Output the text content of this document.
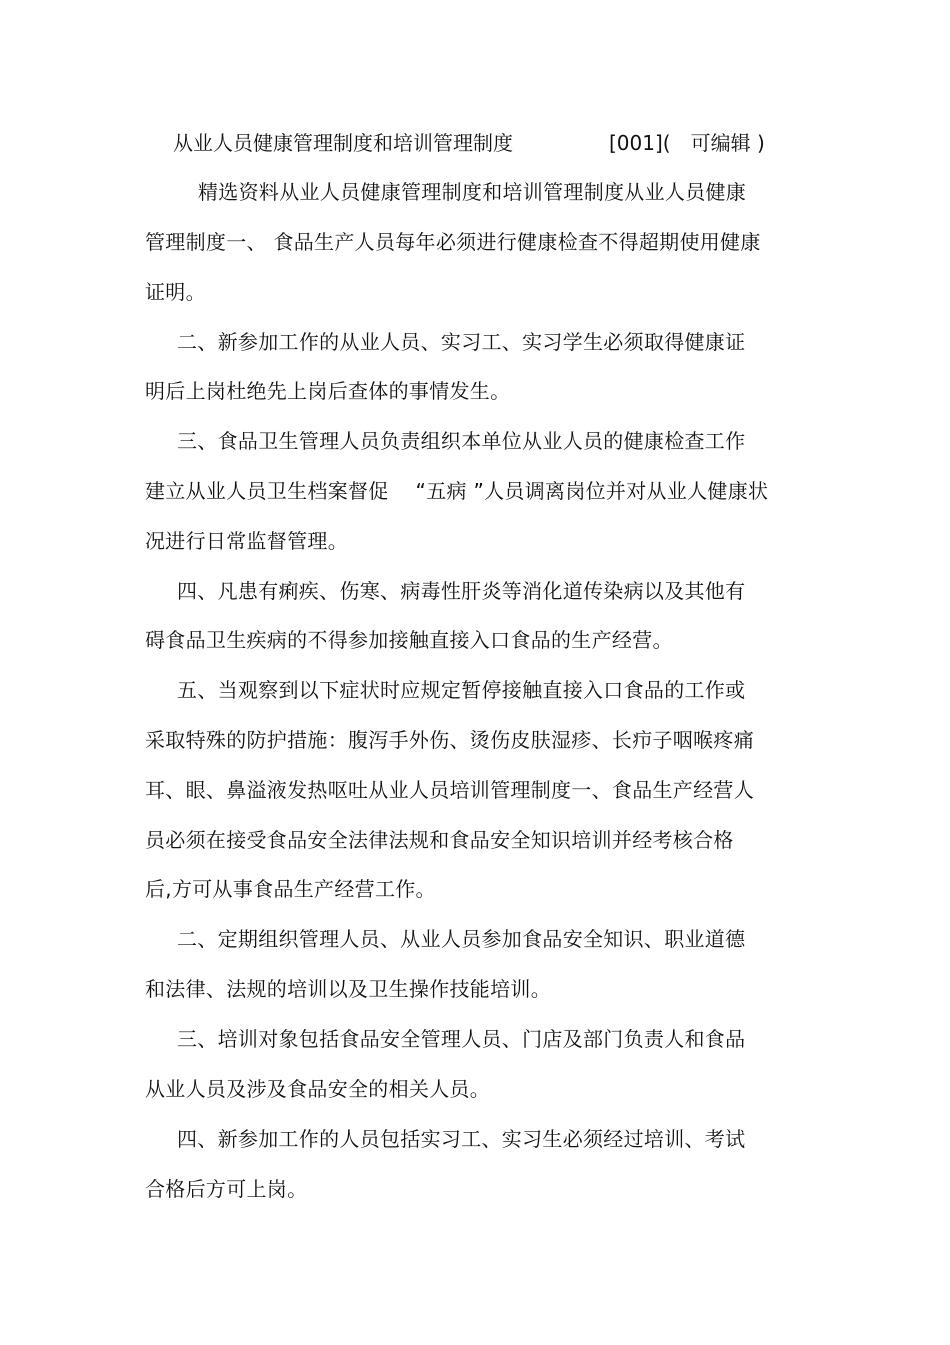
从业人员健康管理制度和培训管理制度	[001](　可编辑 )
精选资料从业人员健康管理制度和培训管理制度从业人员健康
管理制度一、 食品生产人员每年必须进行健康检查不得超期使用健康
证明。
二、新参加工作的从业人员、实习工、实习学生必须取得健康证
明后上岗杜绝先上岗后查体的事情发生。
三、食品卫生管理人员负责组织本单位从业人员的健康检查工作
建立从业人员卫生档案督促　 “五病 ”人员调离岗位并对从业人健康状
况进行日常监督管理。
四、凡患有痢疾、伤寒、病毒性肝炎等消化道传染病以及其他有
碍食品卫生疾病的不得参加接触直接入口食品的生产经营。
五、当观察到以下症状时应规定暂停接触直接入口食品的工作或
采取特殊的防护措施：腹泻手外伤、烫伤皮肤湿疹、长疖子咽喉疼痛
耳、眼、鼻溢液发热呕吐从业人员培训管理制度一、食品生产经营人
员必须在接受食品安全法律法规和食品安全知识培训并经考核合格
后,方可从事食品生产经营工作。
二、定期组织管理人员、从业人员参加食品安全知识、职业道德
和法律、法规的培训以及卫生操作技能培训。
三、培训对象包括食品安全管理人员、门店及部门负责人和食品
从业人员及涉及食品安全的相关人员。
四、新参加工作的人员包括实习工、实习生必须经过培训、考试
合格后方可上岗。
